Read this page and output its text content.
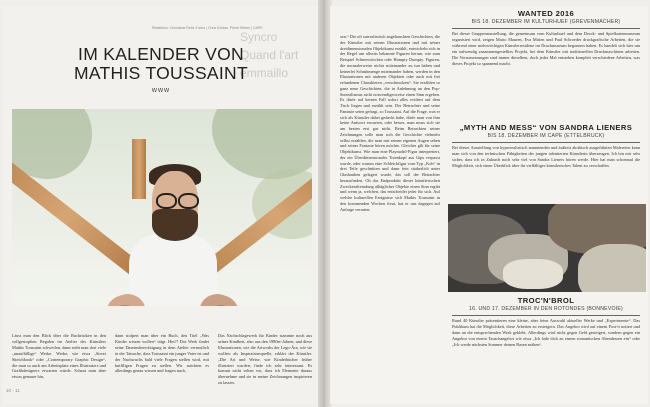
Rédaktion: Christiane Reitz-Fuchs | Chris Koldas, Pierre Weber | CAPE
Syncro
Quand l'art
emmaillo
IM KALENDER VON
MATHIS TOUSSAINT
www
Lässt man den Blick über die Buchrücken in den vollgestopften Regalen im Atelier des Künstlers Mathis Toussaint schweifen, dann sieht man dort viele „unauffällige“ Werke. Werke, wie etwa „Street Sketchbook“ oder „Contemporary Graphic Design“, die man so auch am Arbeitsplatz eines Illustrators und Grafikdesigners erwarten würde. Schaut man aber etwas genauer hin,
dann stolpert man über ein Buch, den Titel „Was Kinder wissen wollen“ trägt. Hm?! Das Werk findet seine Daseinsberechtigung in dem Atelier vermutlich in der Tatsache, dass Toussaint ein junger Vater ist und der Nachwuchs bald viele Fragen stellen wird, mit kniffligen Fragen zu stellen. Wir möchten es allerdings genau wissen und fragen nach,
Das Nachschlagewerk für Kinder stammte noch aus seiner Kindheit, also aus den 1980er-Jahren, und diese Illustrationen, wie die Artworks der Lego-Ära, wie sie wollen: als Inspirationsquelle, erklärt der Künstler. „Die Art und Weise, wie Kinderbücher früher illustriert wurden, finde ich sehr interessant. Es kommt nicht selten vor, dass ich Elemente daraus übernehme und sie in meine Zeichnungen inspirieren zu lassen.
10 - 11
sen.“ Die oft surrealistisch angehauchten Geschichten, die der Künstler mit seinen Illustrationen und mit seiner dreidimensionalen Objektkunst erzählt, entwickeln sich in der Regel um allseits bekannte Figuren herum, wie zum Beispiel Schneewittchen oder Humpty Dumpty. Figuren, die normalerweise nichts miteinander zu tun haben und keinerlei Schnittmenge miteinander haben, werden in den Illustrationen mit anderen Objekten oder auch mit frei erfundenen Charakteren „verschmolzen“. Sie erzählen so ganz neue Geschichten, die in Anlehnung an den Pop-Surrealismus nicht notwendigerweise einen Sinn ergeben. Es dürfe auf keinen Fall sofort alles evident auf dem Tisch liegen und erzählt sein. Der Betrachter und seine Fantasie seien gefragt, so Toussaint. Auf die Frage, was er sich als Künstler dabei gedacht habe, dürfe man von ihm keine Antwort erwarten, oder besser, man muss sich sie am besten erst gar nicht. Beim Betrachten seiner Zeichnungen solle man sich die Geschichte vielmehr selbst erzählen, die man mit seinen eigenen Augen sehen und seiner Fantasie hören möchte. Gleiches gilt für seine Objektkunst. Wie man eine Playmobil-Figur interpretiert, der ein Überdimensionaler Totenkopf aus Gips verpasst wurde, oder warum eine Schleichfigur vom Typ „Koh“ in drei Teile geschnitten und dann fein säuberlich unter Glashauben gelagert wurde, das soll der Betrachter herausfinden. Ob das Endprodukt dieser künstlerischen Zweckentfremdung alltäglicher Objekte einen Sinn ergibt und wenn ja, welchen, das entscheidet jeder für sich. Auf welche kulturellen Ereignisse sich Mathis Toussaint in den kommenden Wochen freut, hat er uns dagegen auf Anfrage verraten:
WANTED 2016
BIS 18. DEZEMBER IM KULTURHUEF (GREVENMACHER)
Bei dieser Gruppenausstellung, die gemeinsam vom Kulturhuef und dem Druck- und Spielkartenmuseum organisiert wird, zeigen Mario Mauren, Eva Mitten und Paul Schroeder druckgrafische Arbeiten, die sie während einer mehrwöchigen Künstlerresidenz im Druckmuseum begonnen haben. Es handelt sich hier um ein aufwendig zusammengestelltes Projekt, bei dem Künstler mit traditionellen Druckmaschinen arbeiten. Die Voraussetzungen sind immer dieselben, doch jedes Mal entstehen komplett verschiedene Arbeiten, was dieses Projekt so spannend macht.
„MYTH AND MESS“ VON SANDRA LIENERS
BIS 18. DEZEMBER IM CAPE (ETTELBRUCK)
Bei dieser Ausstellung von hyperrealistisch anmutenden und äußerst akribisch ausgeführten Malereien kann man sich von den technischen Fähigkeiten der jungen talentierten Künstlerin überzeugen. Ich bin mir sehr sicher, dass ich in Zukunft noch sehr viel von Sandra Lieners hören werde. Hier hat man schonmal die Möglichkeit, sich einen Überblick über ihr vielfältiges künstlerisches Talent zu verschaffen.
TROC'N'BROL
16. UND 17. DEZEMBER IN DEN ROTONDES (BONNEVOIE)
Rund 40 Künstler präsentieren eine kleine, aber feine Auswahl aktueller Werke und „Experimente“. Das Publikum hat die Möglichkeit, diese Arbeiten zu ersteigern. Das Angebot wird auf einem Post-it notiert und dann an die entsprechenden Werk geklebt. Allerdings wird nicht gegen Geld gesteigert, sondern gegen ein Angebot von einem Tauschangebot wie etwa „Ich lade dich zu einem romantischen Abendessen ein“ oder „Ich werde nächsten Sommer deinen Rasen mähen“.
